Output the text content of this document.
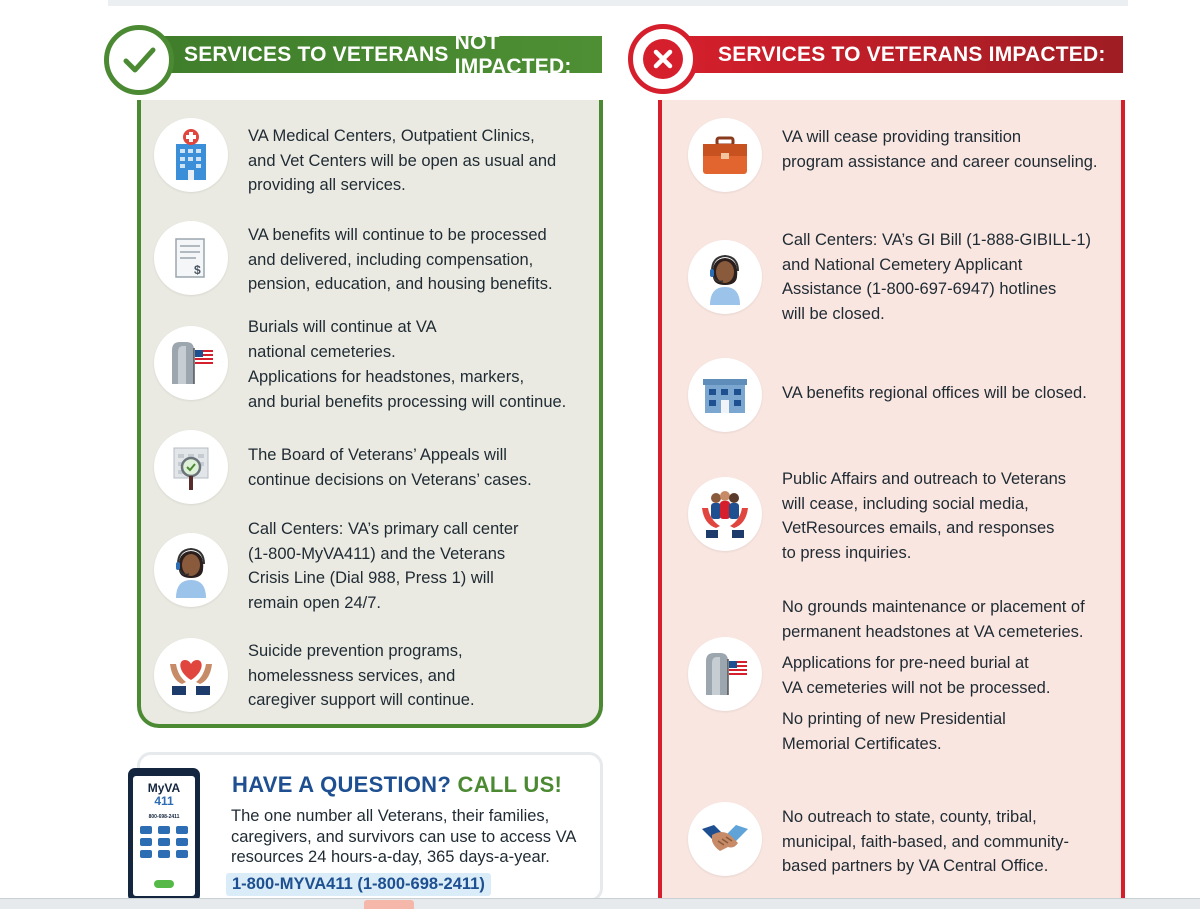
SERVICES TO VETERANS
NOT IMPACTED:

VA Medical Centers, Outpatient Clinics,

and Vet Centers will be open as usual and

providing all services.

$

VA benefits will continue to be processed

and delivered, including compensation,

pension, education, and housing benefits.

Burials will continue at VA

national cemeteries.

Applications for headstones, markers,

and burial benefits processing will continue.

The Board of Veterans’ Appeals will

continue decisions on Veterans’ cases.

Call Centers: VA’s primary call center

(1-800-MyVA411) and the Veterans

Crisis Line (Dial 988, Press 1) will

remain open 24/7.

Suicide prevention programs,

homelessness services, and

caregiver support will continue.

SERVICES TO VETERANS IMPACTED:

VA will cease providing transition

program assistance and career counseling.

Call Centers: VA’s GI Bill (1-888-GIBILL-1)

and National Cemetery Applicant

Assistance (1-800-697-6947) hotlines

will be closed.

VA benefits regional offices will be closed.

Public Affairs and outreach to Veterans

will cease, including social media,

VetResources emails, and responses

to press inquiries.

No grounds maintenance or placement of

permanent headstones at VA cemeteries.

Applications for pre-need burial at

VA cemeteries will not be processed.

No printing of new Presidential

Memorial Certificates.

No outreach to state, county, tribal,

municipal, faith-based, and community-

based partners by VA Central Office.

MyVA
411
800-698-2411
HAVE A QUESTION? CALL US!
The one number all Veterans, their families,
caregivers, and survivors can use to access VA
resources 24 hours-a-day, 365 days-a-year.
1-800-MYVA411 (1-800-698-2411)
